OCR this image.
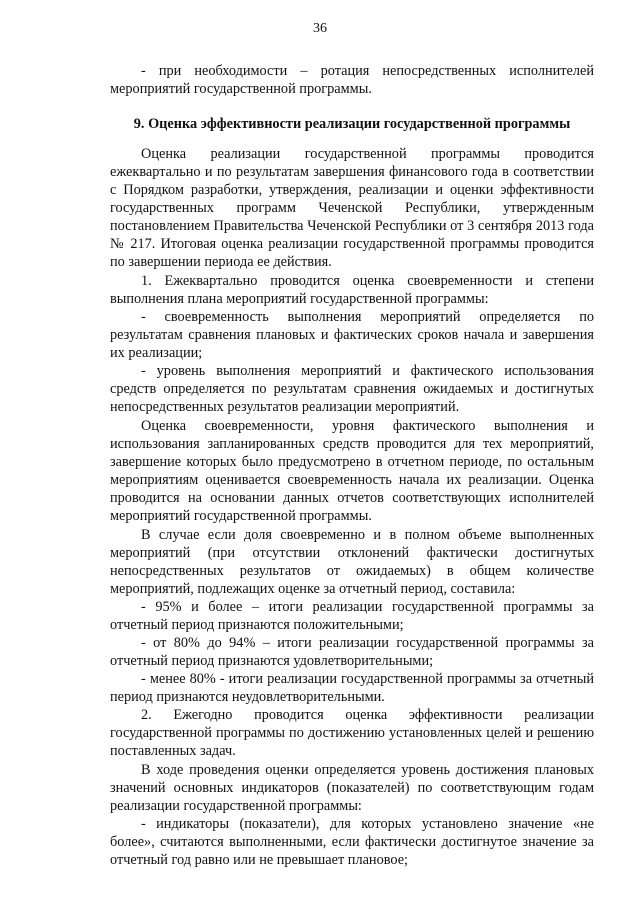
36

- при необходимости – ротация непосредственных исполнителей мероприятий государственной программы.

9. Оценка эффективности реализации государственной программы

Оценка реализации государственной программы проводится ежеквартально и по результатам завершения финансового года в соответствии с Порядком разработки, утверждения, реализации и оценки эффективности государственных программ Чеченской Республики, утвержденным постановлением Правительства Чеченской Республики от 3 сентября 2013 года № 217. Итоговая оценка реализации государственной программы проводится по завершении периода ее действия.

1. Ежеквартально проводится оценка своевременности и степени выполнения плана мероприятий государственной программы:

- своевременность выполнения мероприятий определяется по результатам сравнения плановых и фактических сроков начала и завершения их реализации;

- уровень выполнения мероприятий и фактического использования средств определяется по результатам сравнения ожидаемых и достигнутых непосредственных результатов реализации мероприятий.

Оценка своевременности, уровня фактического выполнения и использования запланированных средств проводится для тех мероприятий, завершение которых было предусмотрено в отчетном периоде, по остальным мероприятиям оценивается своевременность начала их реализации. Оценка проводится на основании данных отчетов соответствующих исполнителей мероприятий государственной программы.

В случае если доля своевременно и в полном объеме выполненных мероприятий (при отсутствии отклонений фактически достигнутых непосредственных результатов от ожидаемых) в общем количестве мероприятий, подлежащих оценке за отчетный период, составила:

- 95% и более – итоги реализации государственной программы за отчетный период признаются положительными;

- от 80% до 94% – итоги реализации государственной программы за отчетный период признаются удовлетворительными;

- менее 80% - итоги реализации государственной программы за отчетный период признаются неудовлетворительными.

2. Ежегодно проводится оценка эффективности реализации государственной программы по достижению установленных целей и решению поставленных задач.

В ходе проведения оценки определяется уровень достижения плановых значений основных индикаторов (показателей) по соответствующим годам реализации государственной программы:

- индикаторы (показатели), для которых установлено значение «не более», считаются выполненными, если фактически достигнутое значение за отчетный год равно или не превышает плановое;
